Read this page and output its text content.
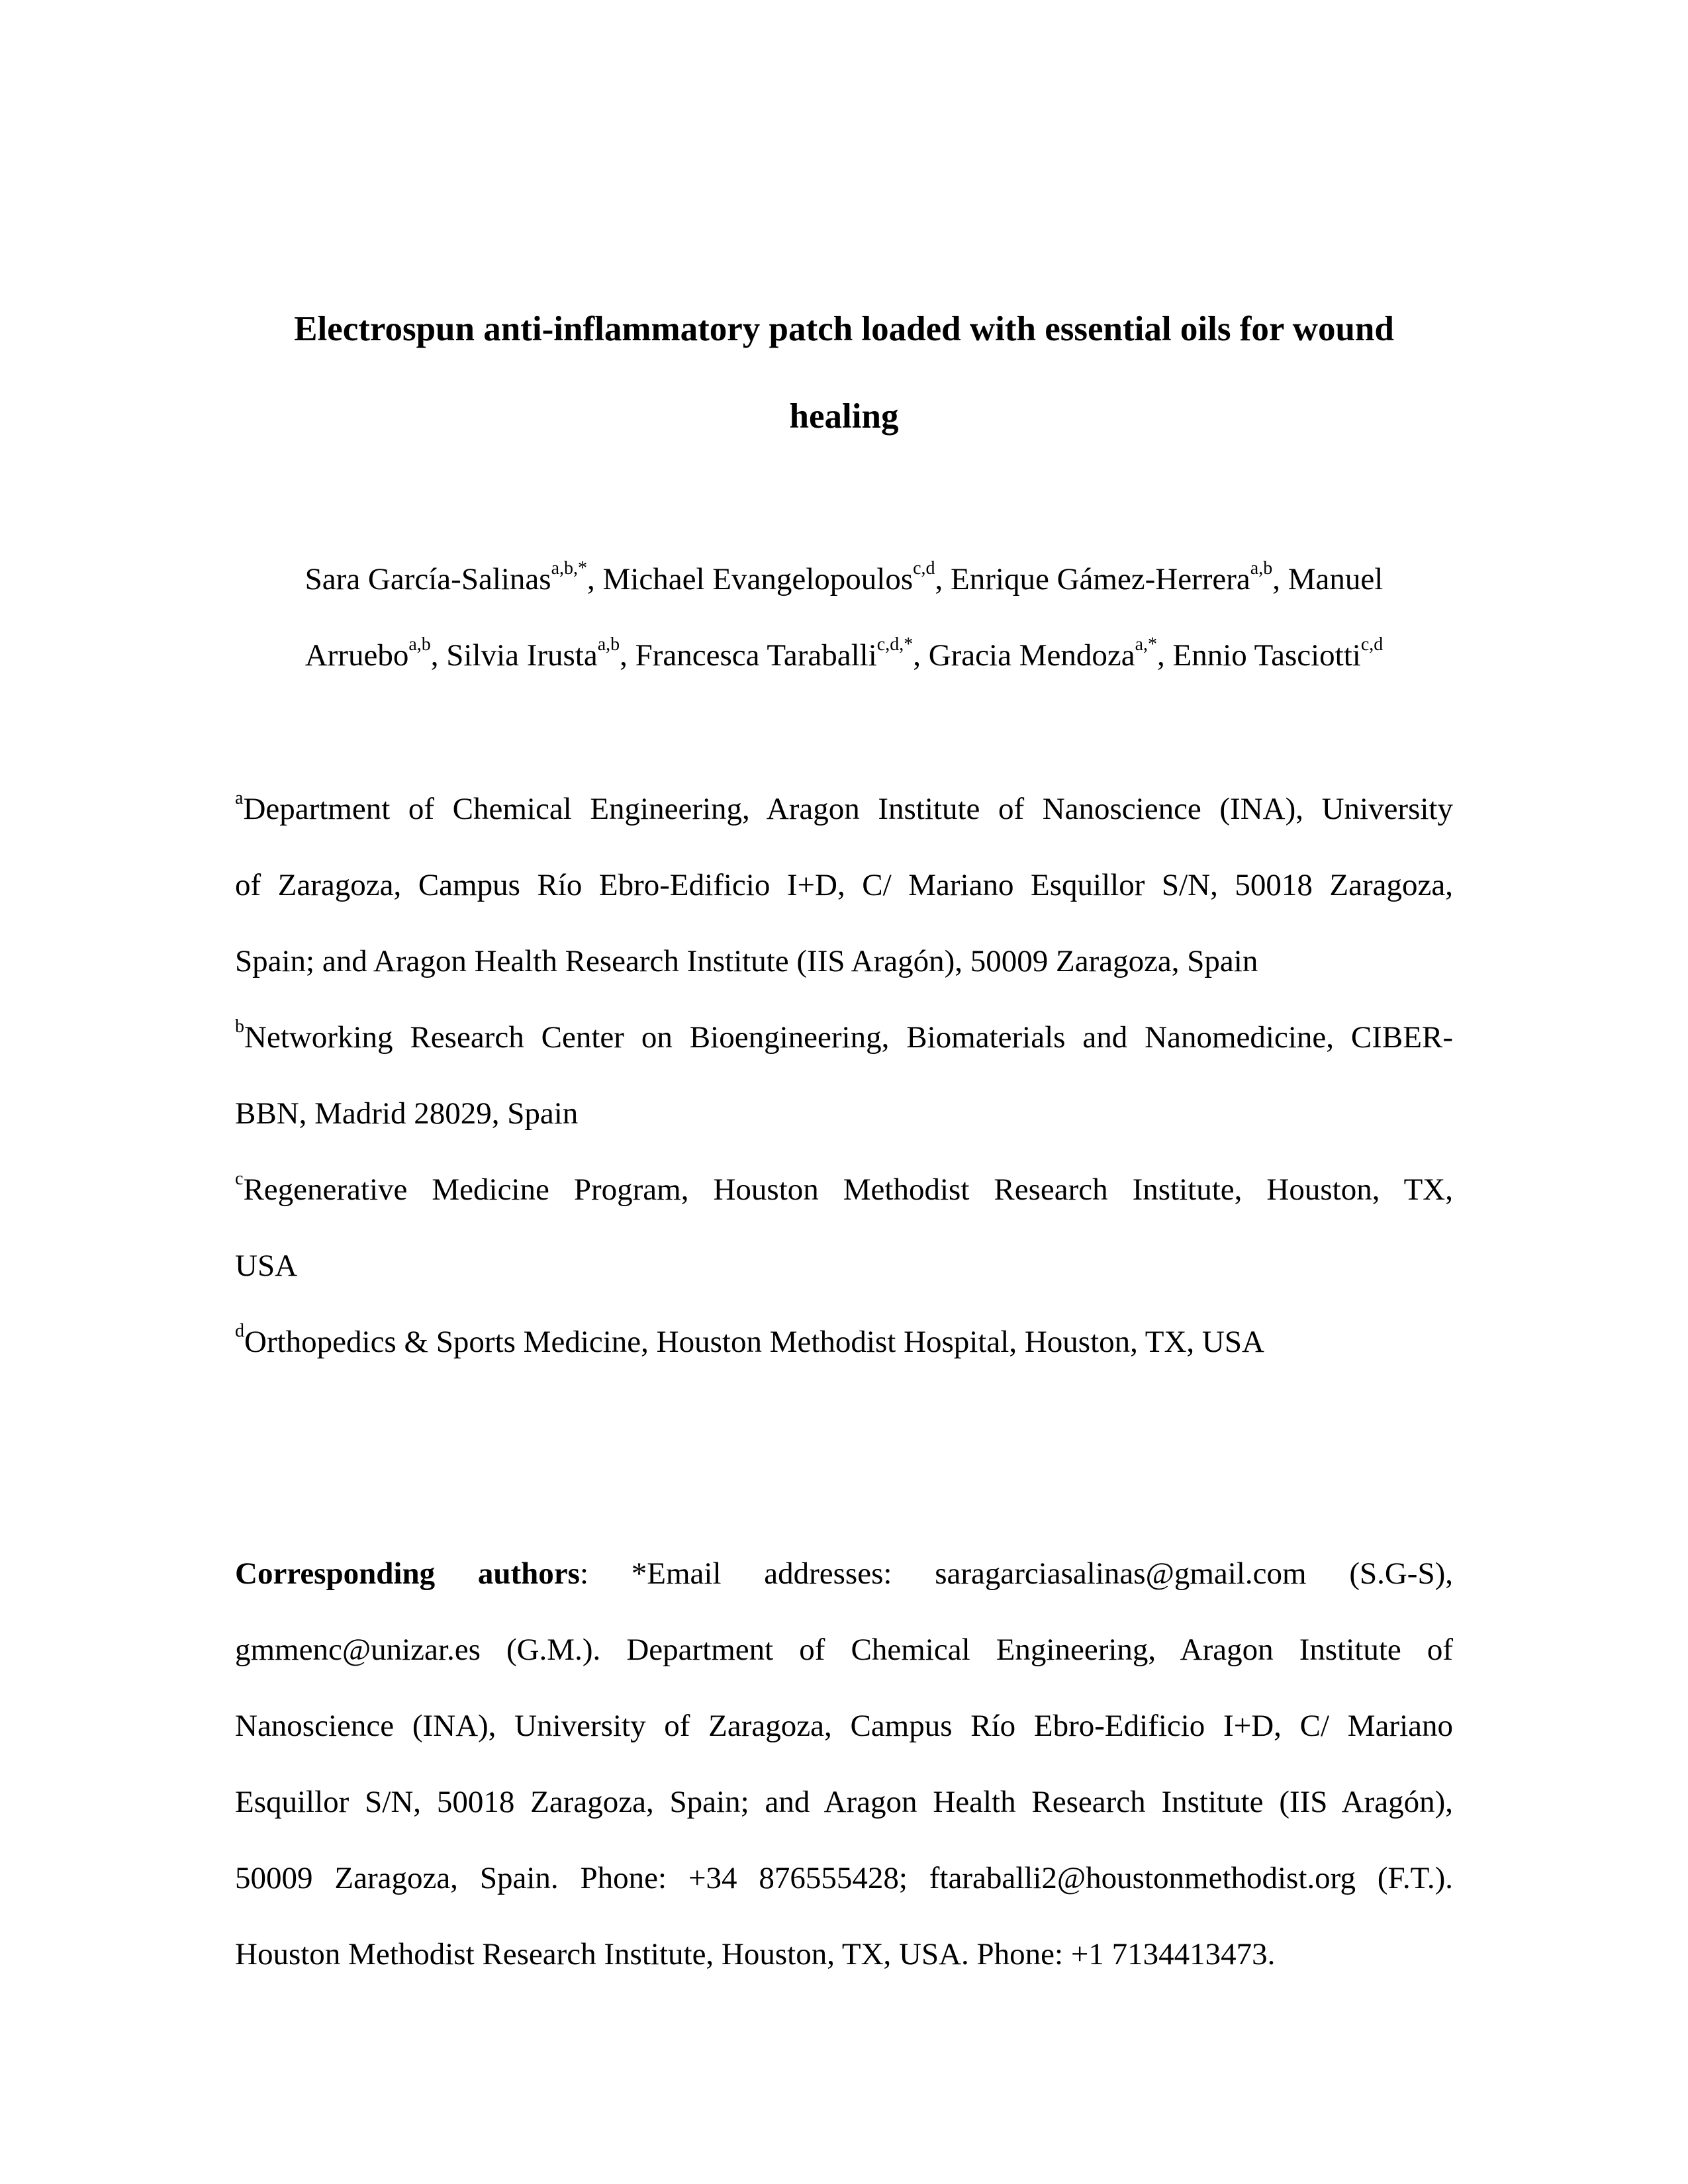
Electrospun anti-inflammatory patch loaded with essential oils for wound
healing

Sara García-Salinas$^{a,b,*}$, Michael Evangelopoulos$^{c,d}$, Enrique Gámez-Herrera$^{a,b}$, Manuel

Arruebo$^{a,b}$, Silvia Irusta$^{a,b}$, Francesca Taraballi$^{c,d,*}$, Gracia Mendoza$^{a,*}$, Ennio Tasciotti$^{c,d}$

$^a$Department of Chemical Engineering, Aragon Institute of Nanoscience (INA), University

of Zaragoza, Campus Río Ebro-Edificio I+D, C/ Mariano Esquillor S/N, 50018 Zaragoza,

Spain; and Aragon Health Research Institute (IIS Aragón), 50009 Zaragoza, Spain

$^b$Networking Research Center on Bioengineering, Biomaterials and Nanomedicine, CIBER-

BBN, Madrid 28029, Spain

$^c$Regenerative Medicine Program, Houston Methodist Research Institute, Houston, TX,

USA

$^d$Orthopedics & Sports Medicine, Houston Methodist Hospital, Houston, TX, USA

Corresponding authors: *Email addresses: saragarciasalinas@gmail.com (S.G-S),

gmmenc@unizar.es (G.M.). Department of Chemical Engineering, Aragon Institute of

Nanoscience (INA), University of Zaragoza, Campus Río Ebro-Edificio I+D, C/ Mariano

Esquillor S/N, 50018 Zaragoza, Spain; and Aragon Health Research Institute (IIS Aragón),

50009 Zaragoza, Spain. Phone: +34 876555428; ftaraballi2@houstonmethodist.org (F.T.).

Houston Methodist Research Institute, Houston, TX, USA. Phone: +1 7134413473.
